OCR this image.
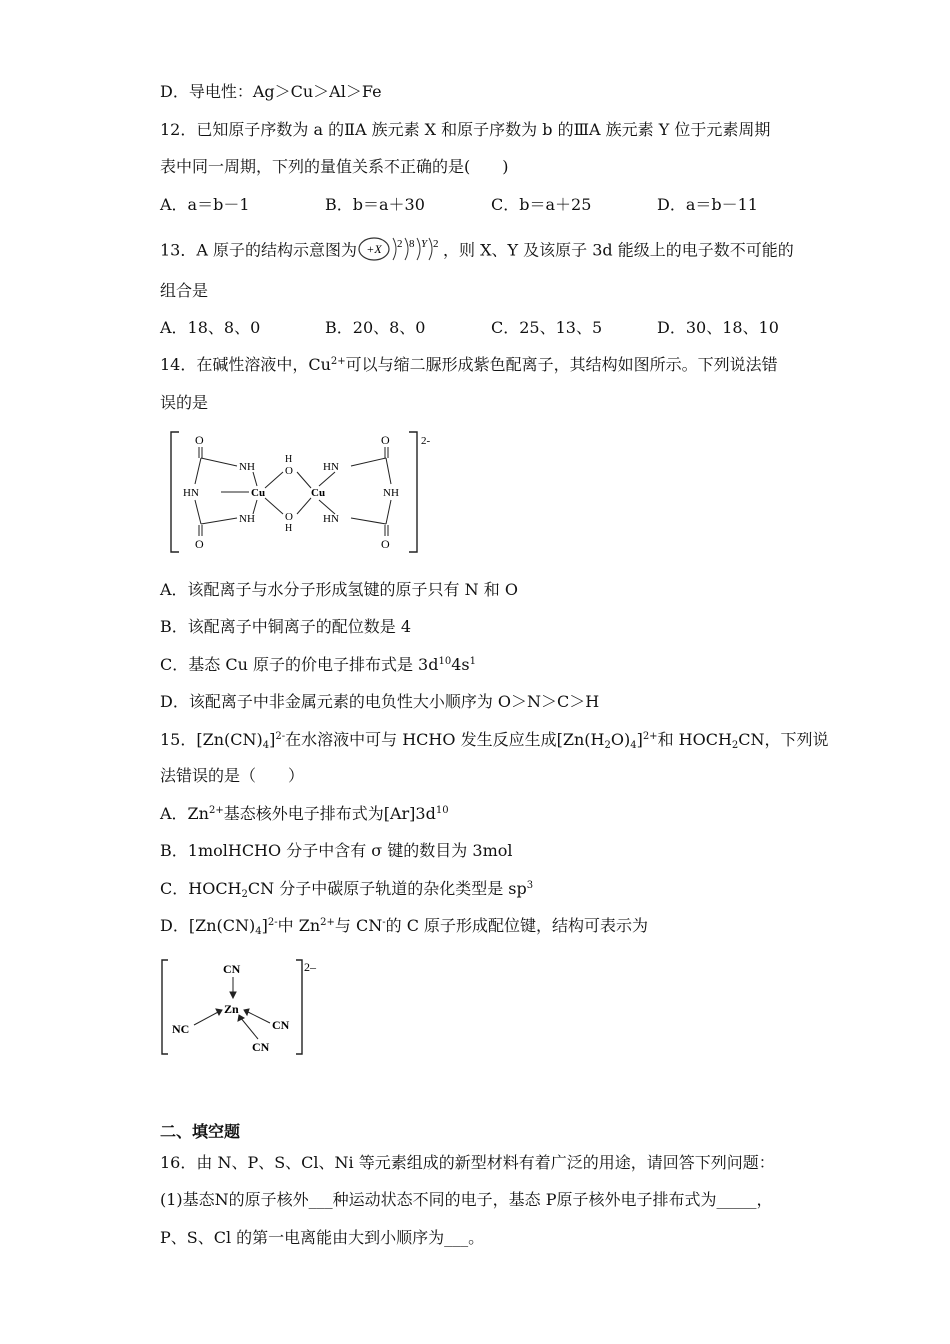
D．导电性：Ag＞Cu＞Al＞Fe
12．已知原子序数为 a 的ⅡA 族元素 X 和原子序数为 b 的ⅢA 族元素 Y 位于元素周期
表中同一周期，下列的量值关系不正确的是(　　)
A．a＝b－1	B．b＝a＋30	C．b＝a＋25	D．a＝b－11
13．A 原子的结构示意图为 +X 2 8 Y 2 ，则 X、Y 及该原子 3d 能级上的电子数不可能的
组合是
A．18、8、0	B．20、8、0	C．25、13、5	D．30、18、10
14．在碱性溶液中，$Cu^{2+}$可以与缩二脲形成紫色配离子，其结构如图所示。下列说法错
误的是
2-
O	O
NH	HN
H
O
HN	Cu	Cu	NH
NH	HN
O
H
O	O
A．该配离子与水分子形成氢键的原子只有 N 和 O
B．该配离子中铜离子的配位数是 4
C．基态 Cu 原子的价电子排布式是 $3d^{10}4s^1$
D．该配离子中非金属元素的电负性大小顺序为 O＞N＞C＞H
15．$[Zn(CN)_4]^{2-}$在水溶液中可与 HCHO 发生反应生成$[Zn(H_2O)_4]^{2+}$和 $HOCH_2CN$，下列说
法错误的是（　　）
A．$Zn^{2+}$基态核外电子排布式为$[Ar]3d^{10}$
B．1molHCHO 分子中含有 σ 键的数目为 3mol
C．$HOCH_2CN$ 分子中碳原子轨道的杂化类型是 $sp^3$
D．$[Zn(CN)_4]^{2-}$中 $Zn^{2+}$与 CN-的 C 原子形成配位键，结构可表示为
2–
CN
Zn
NC	CN
CN
二、填空题
16．由 N、P、S、Cl、Ni 等元素组成的新型材料有着广泛的用途，请回答下列问题：
(1)基态N的原子核外___种运动状态不同的电子，基态 P原子核外电子排布式为_____，
P、S、Cl 的第一电离能由大到小顺序为___。
